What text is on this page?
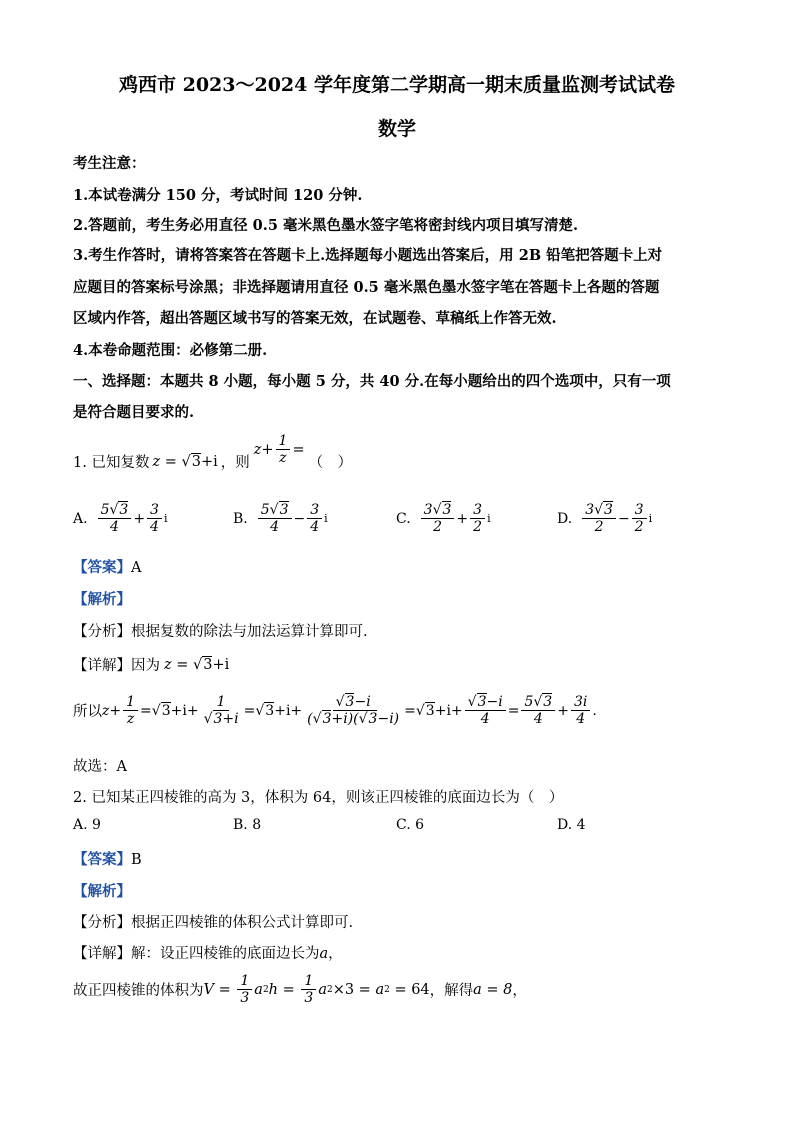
鸡西市 2023～2024 学年度第二学期高一期末质量监测考试试卷
数学
考生注意：
1.本试卷满分 150 分，考试时间 120 分钟.
2.答题前，考生务必用直径 0.5 毫米黑色墨水签字笔将密封线内项目填写清楚.
3.考生作答时，请将答案答在答题卡上.选择题每小题选出答案后，用 2B 铅笔把答题卡上对
应题目的答案标号涂黑；非选择题请用直径 0.5 毫米黑色墨水签字笔在答题卡上各题的答题
区域内作答，超出答题区域书写的答案无效，在试题卷、草稿纸上作答无效.
4.本卷命题范围：必修第二册.
一、选择题：本题共 8 小题，每小题 5 分，共 40 分.在每小题给出的四个选项中，只有一项
是符合题目要求的.
1. 已知复数 z = √3+i ，则
$z + \frac{1}{z}$ =
（　）
A. $\frac{5√3}{4} + \frac{3}{4}$ i	B. $\frac{5√3}{4} - \frac{3}{4}$ i	C. $\frac{3√3}{2} + \frac{3}{2}$ i	D. $\frac{3√3}{2} - \frac{3}{2}$ i
【答案】A
【解析】
【分析】根据复数的除法与加法运算计算即可.
【详解】 因为 z = √3+i
所以 $z + \frac{1}{z}$ =√ $3 +i+ \frac{1}{√3+i}$ =√ $3 +i+ \frac{√3-i}{(√3+i)(√3-i)}$ =√ $3 +i+ \frac{√3-i}{4} = \frac{5√3}{4} + \frac{3i}{4}$ .
故选：A
2. 已知某正四棱锥的高为 3，体积为 64，则该正四棱锥的底面边长为（　）
A. 9	B. 8	C. 6	D. 4
【答案】B
【解析】
【分析】根据正四棱锥的体积公式计算即可.
【详解】解：设正四棱锥的底面边长为a，
故正四棱锥的体积为 $V = \frac{1}{3}$ a 2 $h = \frac{1}{3}$ a 2 ×3 = a 2 = 64 ，解得 a = 8 ，
